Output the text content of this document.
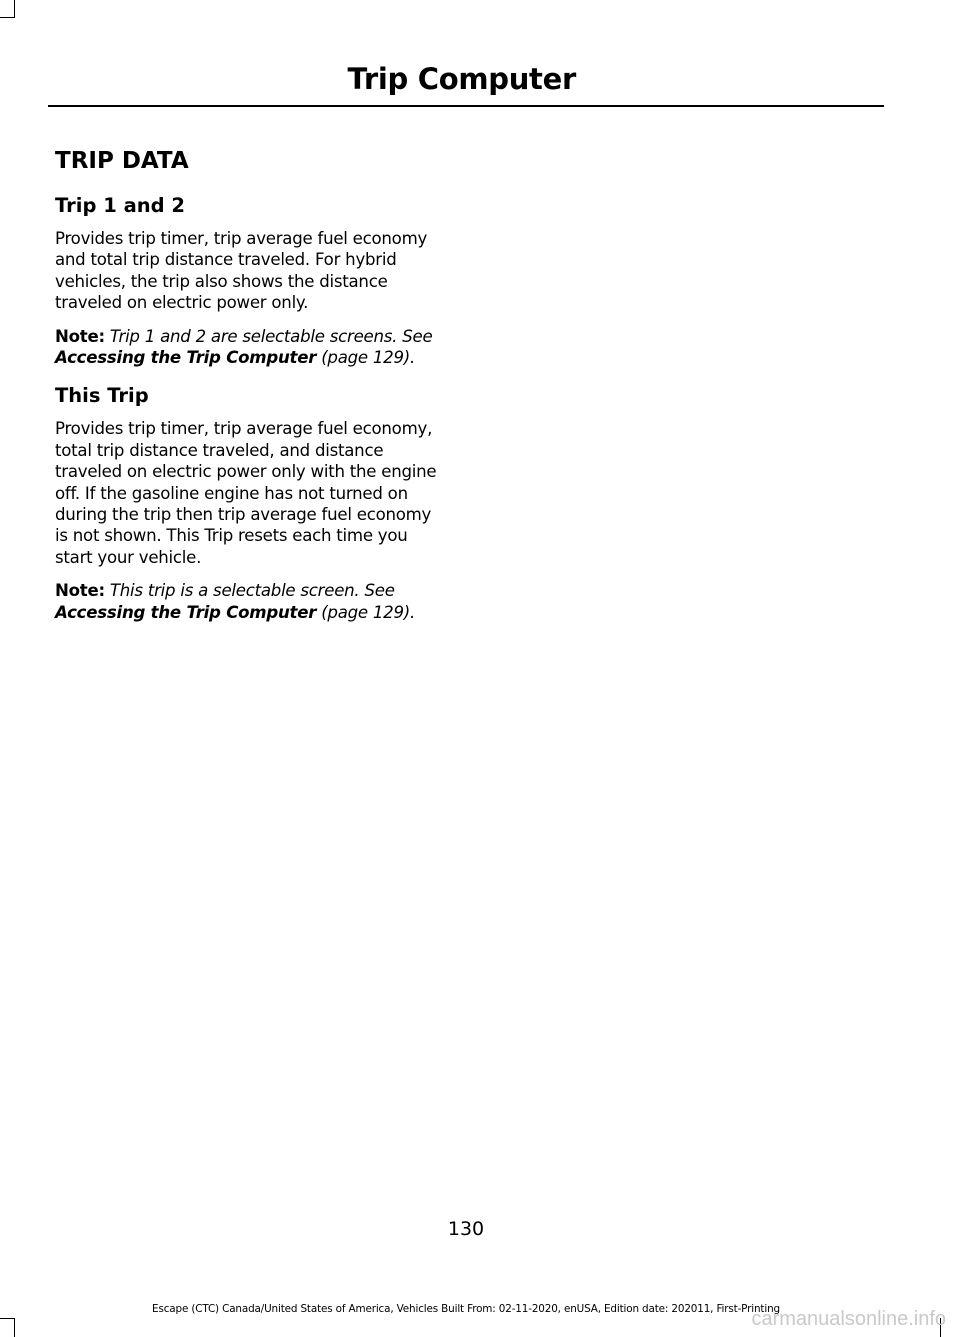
Trip Computer
TRIP DATA
Trip 1 and 2

Provides trip timer, trip average fuel economy and total trip distance traveled. For hybrid vehicles, the trip also shows the distance traveled on electric power only.

Note: Trip 1 and 2 are selectable screens. See Accessing the Trip Computer (page 129).

This Trip

Provides trip timer, trip average fuel economy, total trip distance traveled, and distance traveled on electric power only with the engine off. If the gasoline engine has not turned on during the trip then trip average fuel economy is not shown. This Trip resets each time you start your vehicle.

Note: This trip is a selectable screen. See Accessing the Trip Computer (page 129).

130
Escape (CTC) Canada/United States of America, Vehicles Built From: 02-11-2020, enUSA, Edition date: 202011, First-Printing
carmanualsonline.info
